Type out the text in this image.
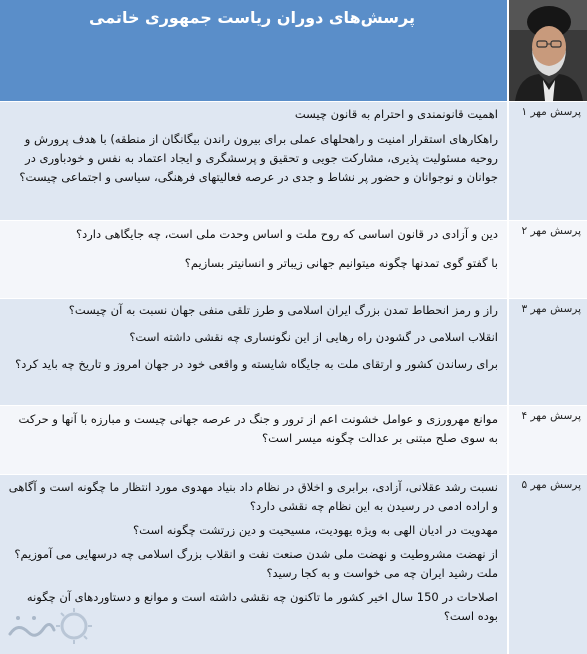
پرسش‌های دوران ریاست جمهوری خاتمی
پرسش مهر ۱

اهمیت قانونمندی و احترام به قانون چیست

راهکارهای استقرار امنیت و راهحلهای عملی برای بیرون راندن بیگانگان از منطقه) با هدف پرورش و روحیه مسئولیت پذیری، مشارکت جویی و تحقیق و پرسشگری و ایجاد اعتماد به نفس و خودباوری در جوانان و نوجوانان و حضور پر نشاط و جدی در عرصه فعالیتهای فرهنگی، سیاسی و اجتماعی چیست؟

پرسش مهر ۲

دین و آزادی در قانون اساسی که روح ملت و اساس وحدت ملی است، چه جایگاهی دارد؟

با گفتو گوی تمدنها چگونه میتوانیم جهانی زیباتر و انسانیتر بسازیم؟

پرسش مهر ۳

راز و رمز انحطاط تمدن بزرگ ایران اسلامی و طرز تلقی منفی جهان نسبت به آن چیست؟

انقلاب اسلامی در گشودن راه رهایی از این نگونساری چه نقشی داشته است؟

برای رساندن کشور و ارتقای ملت به جایگاه شایسته و واقعی خود در جهان امروز و تاریخ چه باید کرد؟

پرسش مهر ۴

موانع مهرورزی و عوامل خشونت اعم از ترور و جنگ در عرصه جهانی چیست و مبارزه با آنها و حرکت به سوی صلح مبتنی بر عدالت چگونه میسر است؟

پرسش مهر ۵

نسبت رشد عقلانی، آزادی، برابری و اخلاق در نظام داد بنیاد مهدوی مورد انتظار ما چگونه است و آگاهی و اراده ادمی در رسیدن به این نظام چه نقشی دارد؟

مهدویت در ادیان الهی به ویژه یهودیت، مسیحیت و دین زرتشت چگونه است؟

از نهضت مشروطیت و نهضت ملی شدن صنعت نفت و انقلاب بزرگ اسلامی چه درسهایی می آموزیم؟ ملت رشید ایران چه می خواست و به کجا رسید؟

اصلاحات در 150 سال اخیر کشور ما تاکنون چه نقشی داشته است و موانع و دستاوردهای آن چگونه بوده است؟
